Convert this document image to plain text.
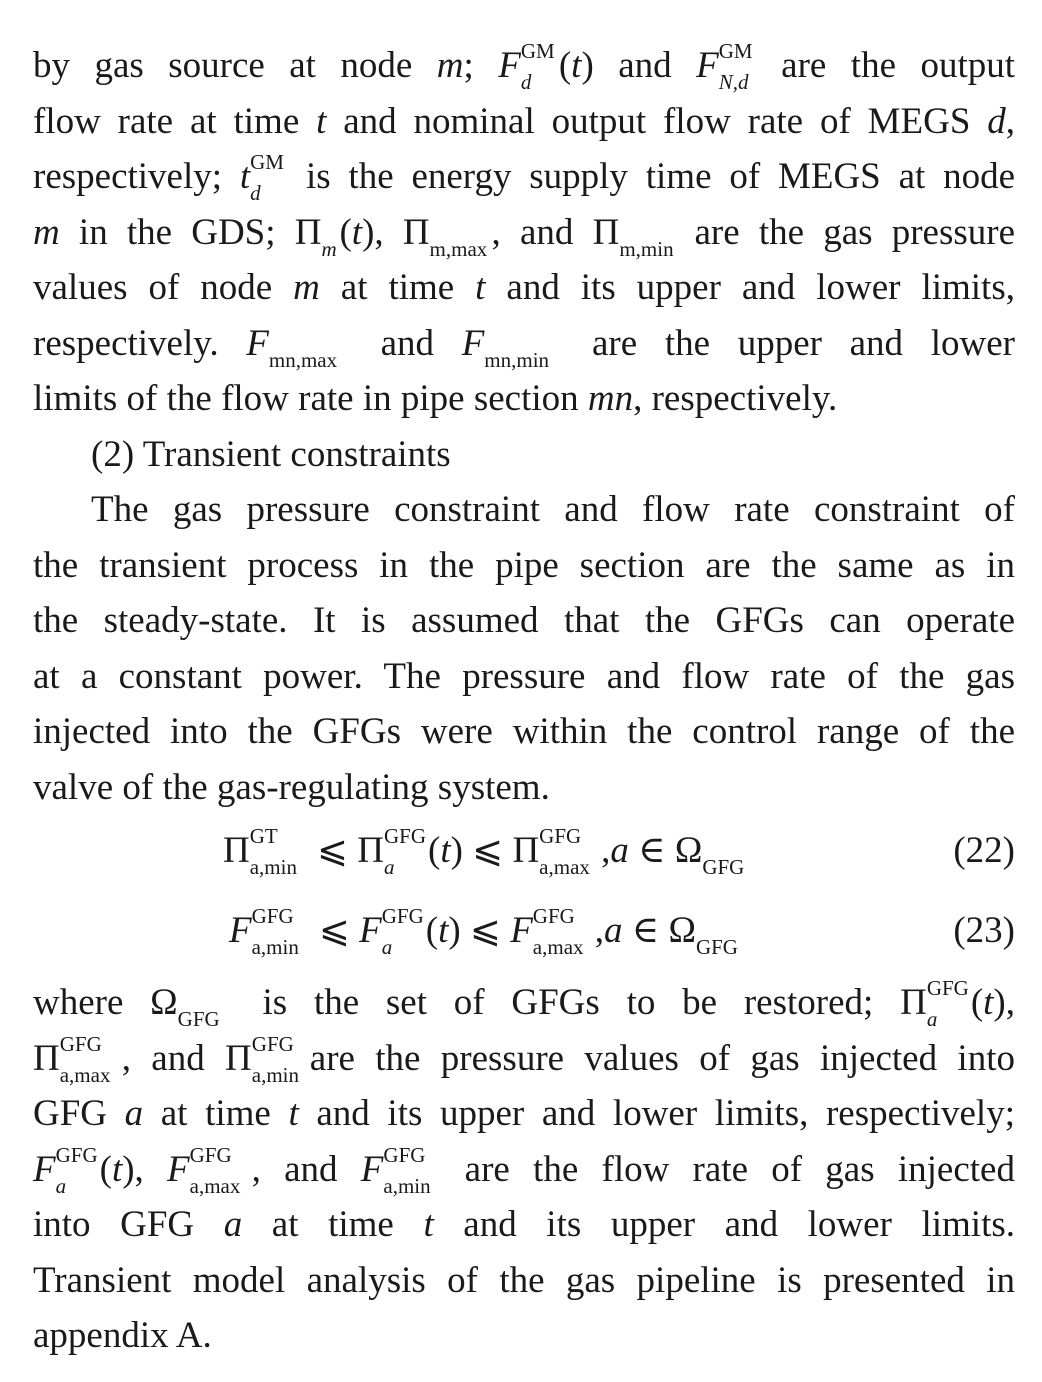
by gas source at node m; F GM
d (t) and F GM
N,d are the output
flow rate at time t and nominal output flow rate of MEGS d,
respectively; t GM
d is the energy supply time of MEGS at node
m in the GDS; Π m (t), Π m,max , and Π m,min are the gas pressure
values of node m at time t and its upper and lower limits,
respectively. F mn,max and F mn,min are the upper and lower
limits of the flow rate in pipe section mn, respectively.
(2) Transient constraints
The gas pressure constraint and flow rate constraint of
the transient process in the pipe section are the same as in
the steady-state. It is assumed that the GFGs can operate
at a constant power. The pressure and flow rate of the gas
injected into the GFGs were within the control range of the
valve of the gas-regulating system.
Π GT
a,min ⩽ Π GFG
a (t) ⩽ Π GFG
a,max ,a ∈ Ω GFG	(22)
F GFG
a,min ⩽ F GFG
a (t) ⩽ F GFG
a,max ,a ∈ Ω GFG	(23)
where Ω GFG is the set of GFGs to be restored; Π GFG
a (t),
Π GFG
a,max , and Π GFG
a,min are the pressure values of gas injected into
GFG a at time t and its upper and lower limits, respectively;
F GFG
a (t), F GFG
a,max , and F GFG
a,min are the flow rate of gas injected
into GFG a at time t and its upper and lower limits.
Transient model analysis of the gas pipeline is presented in
appendix A.
